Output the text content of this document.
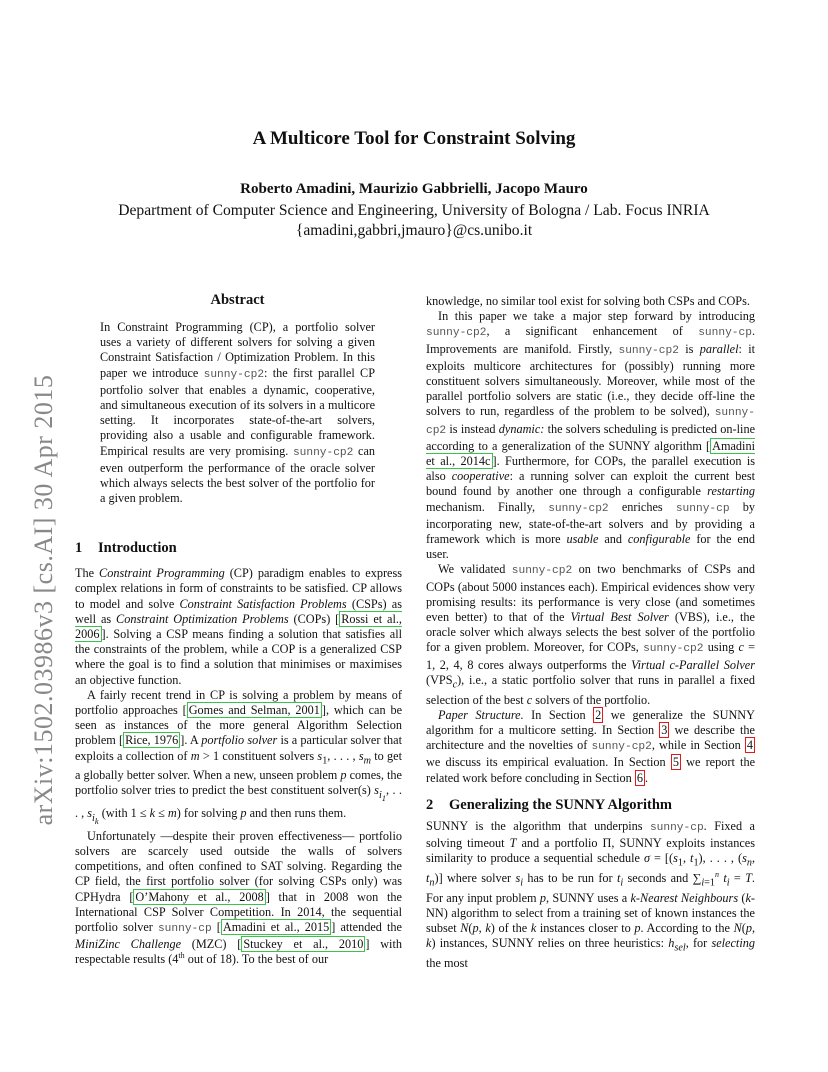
arXiv:1502.03986v3 [cs.AI] 30 Apr 2015
A Multicore Tool for Constraint Solving
Roberto Amadini, Maurizio Gabbrielli, Jacopo Mauro
Department of Computer Science and Engineering, University of Bologna / Lab. Focus INRIA
{amadini,gabbri,jmauro}@cs.unibo.it
Abstract
In Constraint Programming (CP), a portfolio solver uses a variety of different solvers for solving a given Constraint Satisfaction / Optimization Problem. In this paper we introduce sunny-cp2: the first parallel CP portfolio solver that enables a dynamic, cooperative, and simultaneous execution of its solvers in a multicore setting. It incorporates state-of-the-art solvers, providing also a usable and configurable framework. Empirical results are very promising. sunny-cp2 can even outperform the performance of the oracle solver which always selects the best solver of the portfolio for a given problem.
1 Introduction

The Constraint Programming (CP) paradigm enables to express complex relations in form of constraints to be satisfied. CP allows to model and solve Constraint Satisfaction Problems (CSPs) as well as Constraint Optimization Problems (COPs) [ Rossi et al., 2006 ]. Solving a CSP means finding a solution that satisfies all the constraints of the problem, while a COP is a generalized CSP where the goal is to find a solution that minimises or maximises an objective function.

A fairly recent trend in CP is solving a problem by means of portfolio approaches [ Gomes and Selman, 2001 ], which can be seen as instances of the more general Algorithm Selection problem [ Rice, 1976 ]. A portfolio solver is a particular solver that exploits a collection of m > 1 constituent solvers $s_1$, . . . , $s_m$ to get a globally better solver. When a new, unseen problem p comes, the portfolio solver tries to predict the best constituent solver(s) $s_{i_1}$, . . . , $s_{i_k}$ (with 1 ≤ k ≤ m) for solving p and then runs them.

Unfortunately —despite their proven effectiveness— portfolio solvers are scarcely used outside the walls of solvers competitions, and often confined to SAT solving. Regarding the CP field, the first portfolio solver (for solving CSPs only) was CPHydra [ O’Mahony et al., 2008 ] that in 2008 won the International CSP Solver Competition. In 2014, the sequential portfolio solver sunny-cp [ Amadini et al., 2015 ] attended the MiniZinc Challenge (MZC) [ Stuckey et al., 2010 ] with respectable results (4th out of 18). To the best of our

knowledge, no similar tool exist for solving both CSPs and COPs.

In this paper we take a major step forward by introducing sunny-cp2, a significant enhancement of sunny-cp. Improvements are manifold. Firstly, sunny-cp2 is parallel: it exploits multicore architectures for (possibly) running more constituent solvers simultaneously. Moreover, while most of the parallel portfolio solvers are static (i.e., they decide off-line the solvers to run, regardless of the problem to be solved), sunny-cp2 is instead dynamic: the solvers scheduling is predicted on-line according to a generalization of the SUNNY algorithm [ Amadini et al., 2014c ]. Furthermore, for COPs, the parallel execution is also cooperative: a running solver can exploit the current best bound found by another one through a configurable restarting mechanism. Finally, sunny-cp2 enriches sunny-cp by incorporating new, state-of-the-art solvers and by providing a framework which is more usable and configurable for the end user.

We validated sunny-cp2 on two benchmarks of CSPs and COPs (about 5000 instances each). Empirical evidences show very promising results: its performance is very close (and sometimes even better) to that of the Virtual Best Solver (VBS), i.e., the oracle solver which always selects the best solver of the portfolio for a given problem. Moreover, for COPs, sunny-cp2 using c = 1, 2, 4, 8 cores always outperforms the Virtual c-Parallel Solver $(VPS_c)$, i.e., a static portfolio solver that runs in parallel a fixed selection of the best c solvers of the portfolio.

Paper Structure. In Section 2 we generalize the SUNNY algorithm for a multicore setting. In Section 3 we describe the architecture and the novelties of sunny-cp2, while in Section 4 we discuss its empirical evaluation. In Section 5 we report the related work before concluding in Section 6 .

2 Generalizing the SUNNY Algorithm

SUNNY is the algorithm that underpins sunny-cp. Fixed a solving timeout T and a portfolio Π, SUNNY exploits instances similarity to produce a sequential schedule $\sigma = [(s_1$, $t_1$), . . . , ($s_n$, $t_n$)] where solver $s_i$ has to be run for $t_i$ seconds and $\sum_{i=1}^n$ $t_i = T$. For any input problem p, SUNNY uses a k-Nearest Neighbours (k-NN) algorithm to select from a training set of known instances the subset N(p, k) of the k instances closer to p. According to the N(p, k) instances, SUNNY relies on three heuristics: $h_{sel}$, for selecting the most
